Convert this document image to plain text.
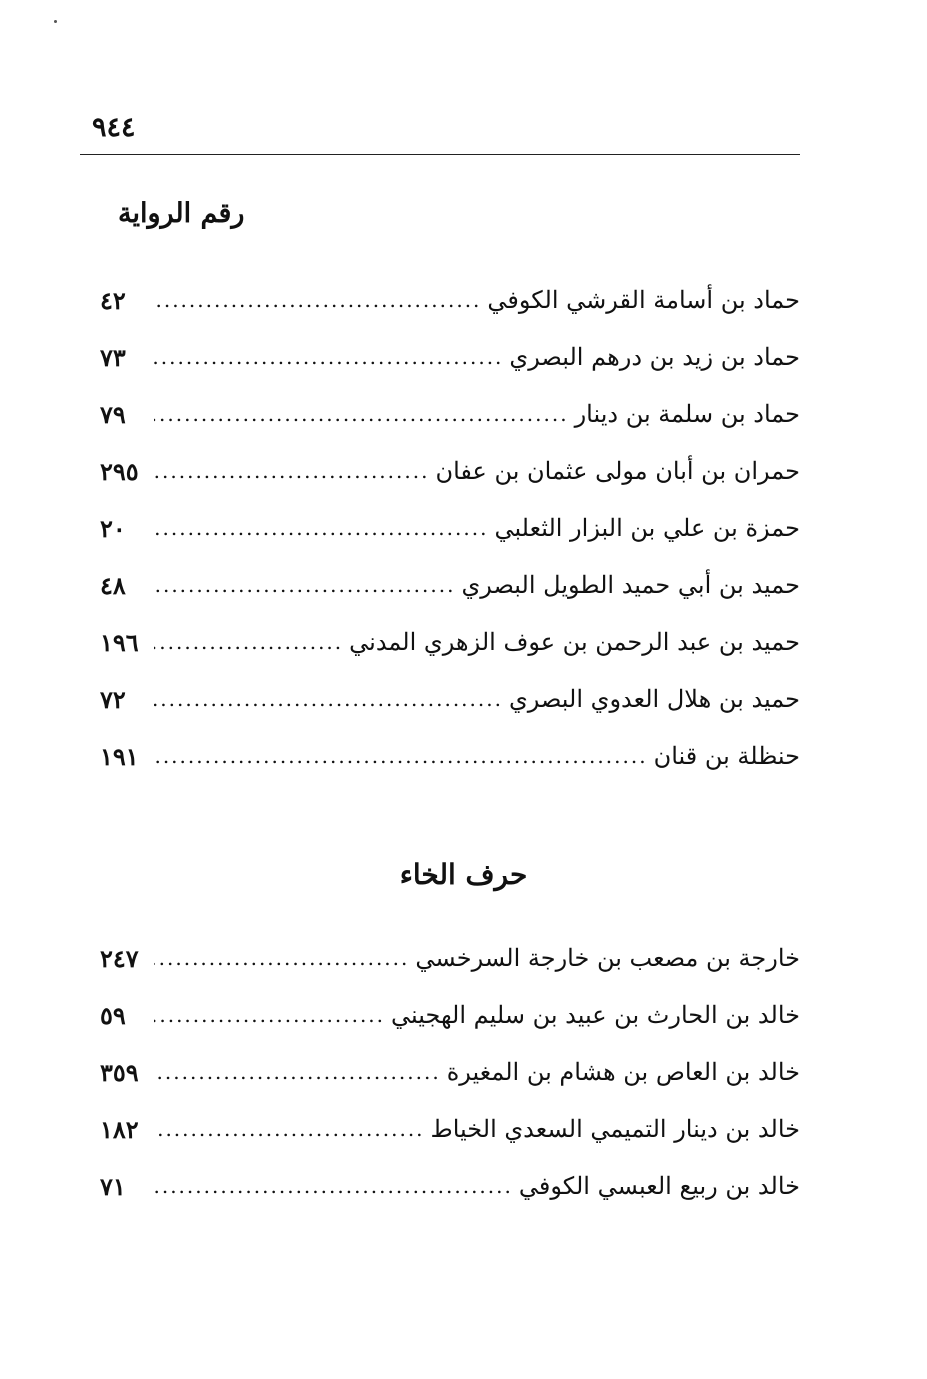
٩٤٤
رقم الرواية
حماد بن أسامة القرشي الكوفي
.....
٤٢
حماد بن زيد بن درهم البصري
.....
٧٣
حماد بن سلمة بن دينار
.....
٧٩
حمران بن أبان مولى عثمان بن عفان
.....
٢٩٥
حمزة بن علي بن البزار الثعلبي
.....
٢٠
حميد بن أبي حميد الطويل البصري
.....
٤٨
حميد بن عبد الرحمن بن عوف الزهري المدني
.....
١٩٦
حميد بن هلال العدوي البصري
.....
٧٢
حنظلة بن قنان
.....
١٩١
حرف الخاء
خارجة بن مصعب بن خارجة السرخسي
.....
٢٤٧
خالد بن الحارث بن عبيد بن سليم الهجيني
.....
٥٩
خالد بن العاص بن هشام بن المغيرة
.....
٣٥٩
خالد بن دينار التميمي السعدي الخياط
.....
١٨٢
خالد بن ربيع العبسي الكوفي
.....
٧١
